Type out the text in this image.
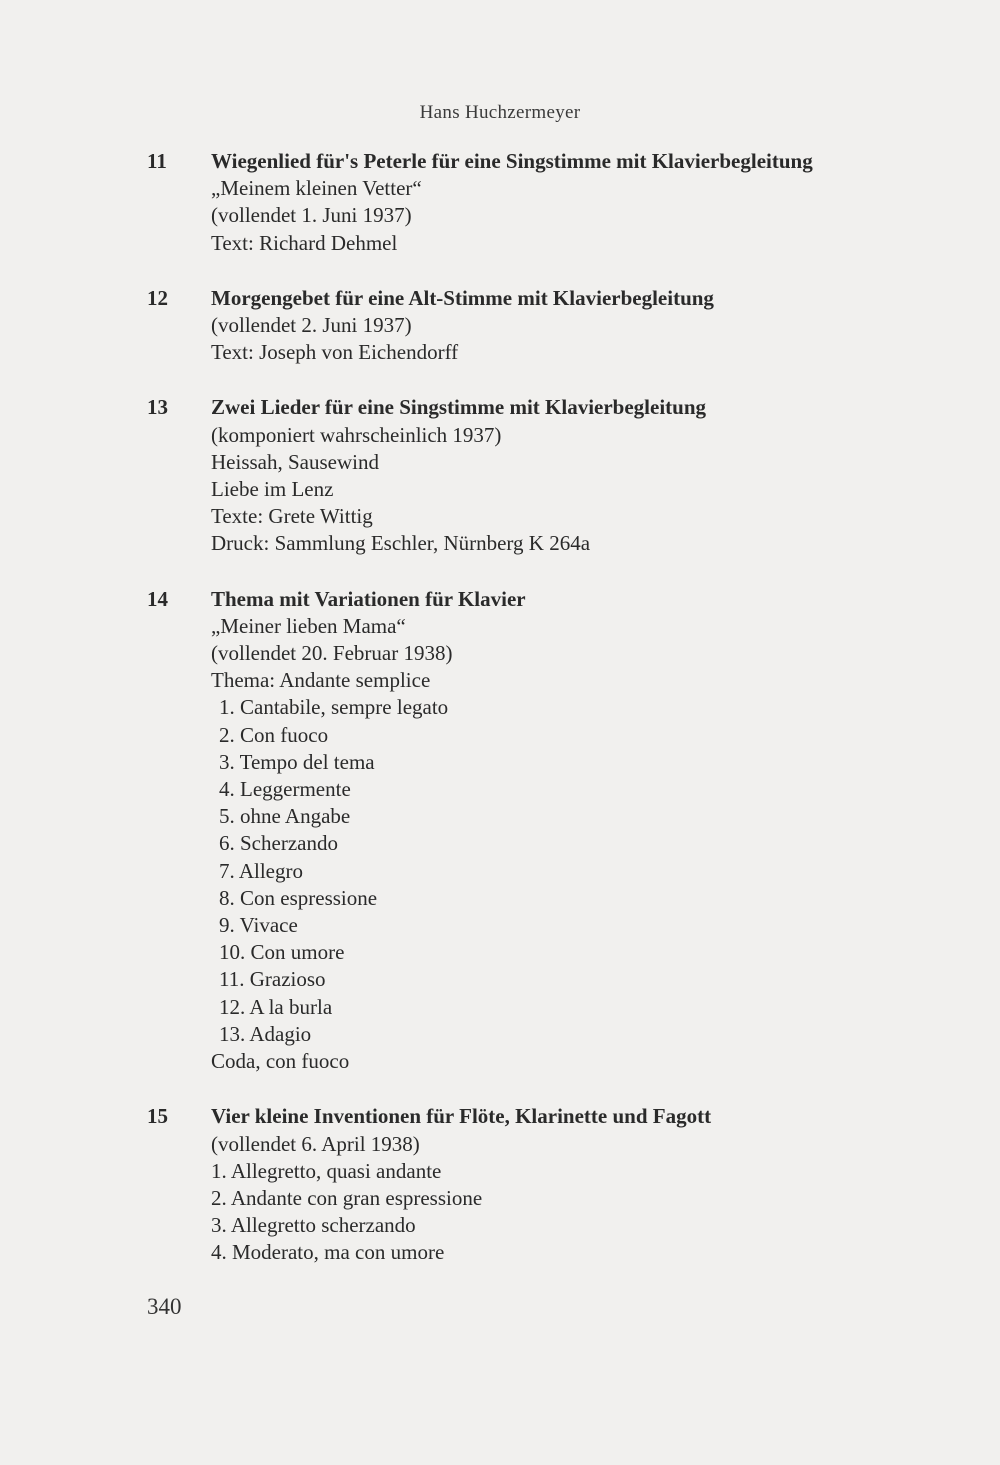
Hans Huchzermeyer
11	Wiegenlied für's Peterle für eine Singstimme mit Klavierbegleitung
„Meinem kleinen Vetter“
(vollendet 1. Juni 1937)
Text: Richard Dehmel
12	Morgengebet für eine Alt-Stimme mit Klavierbegleitung
(vollendet 2. Juni 1937)
Text: Joseph von Eichendorff
13	Zwei Lieder für eine Singstimme mit Klavierbegleitung
(komponiert wahrscheinlich 1937)
Heissah, Sausewind
Liebe im Lenz
Texte: Grete Wittig
Druck: Sammlung Eschler, Nürnberg K 264a
14	Thema mit Variationen für Klavier
„Meiner lieben Mama“
(vollendet 20. Februar 1938)
Thema: Andante semplice
1. Cantabile, sempre legato
2. Con fuoco
3. Tempo del tema
4. Leggermente
5. ohne Angabe
6. Scherzando
7. Allegro
8. Con espressione
9. Vivace
10. Con umore
11. Grazioso
12. A la burla
13. Adagio
Coda, con fuoco
15	Vier kleine Inventionen für Flöte, Klarinette und Fagott
(vollendet 6. April 1938)
1. Allegretto, quasi andante
2. Andante con gran espressione
3. Allegretto scherzando
4. Moderato, ma con umore
340
